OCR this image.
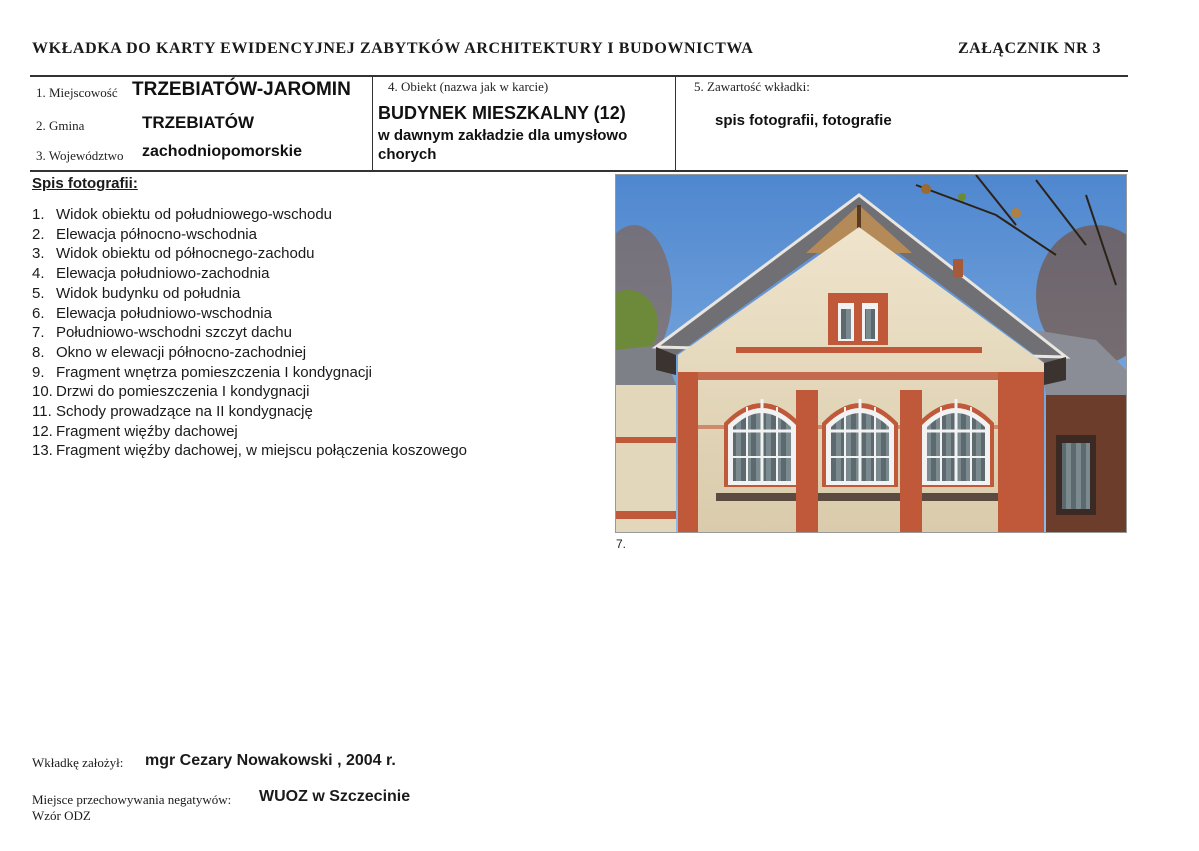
WKŁADKA DO KARTY EWIDENCYJNEJ ZABYTKÓW ARCHITEKTURY I BUDOWNICTWA	ZAŁĄCZNIK NR 3
1. Miejscowość TRZEBIATÓW-JAROMIN
2. Gmina	TRZEBIATÓW
3. Województwo zachodniopomorskie
4. Obiekt (nazwa jak w karcie)
BUDYNEK MIESZKALNY (12)
w dawnym zakładzie dla umysłowo
chorych
5. Zawartość wkładki:
spis fotografii, fotografie
Spis fotografii:
1. Widok obiektu od południowego-wschodu
2. Elewacja północno-wschodnia
3. Widok obiektu od północnego-zachodu
4. Elewacja południowo-zachodnia
5. Widok budynku od południa
6. Elewacja południowo-wschodnia
7. Południowo-wschodni szczyt dachu
8. Okno w elewacji północno-zachodniej
9. Fragment wnętrza pomieszczenia I kondygnacji
10. Drzwi do pomieszczenia I kondygnacji
11. Schody prowadzące na II kondygnację
12. Fragment więźby dachowej
13. Fragment więźby dachowej, w miejscu połączenia koszowego
7.
Wkładkę założył: mgr Cezary Nowakowski , 2004 r.
Miejsce przechowywania negatywów: WUOZ w Szczecinie
Wzór ODZ
